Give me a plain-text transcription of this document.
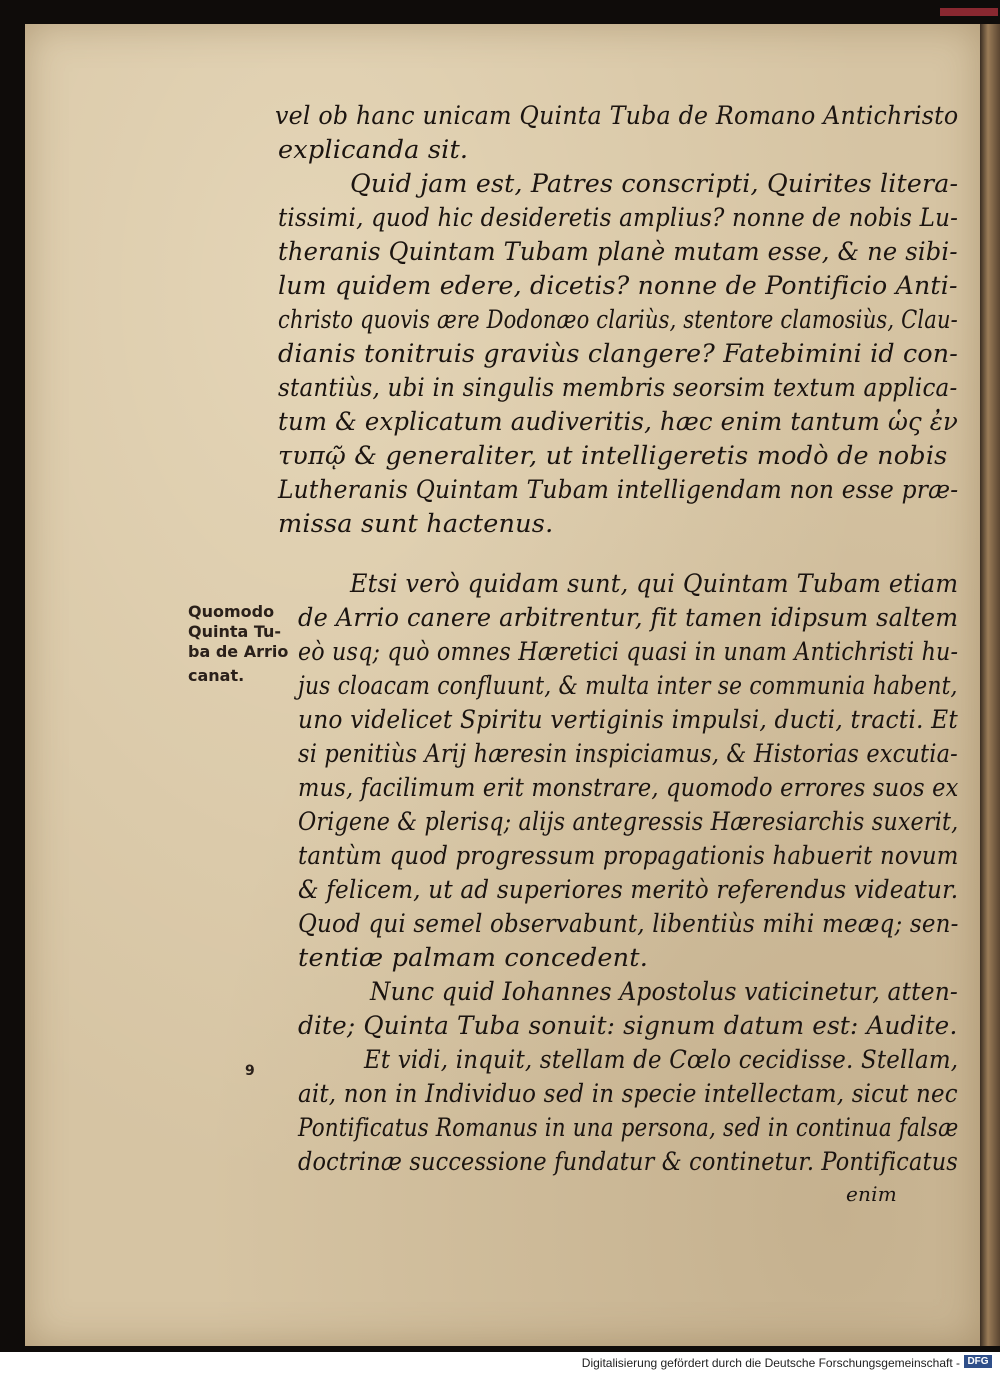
vel ob hanc unicam Quinta Tuba de Romano Antichristo
explicanda sit.
Quid jam est, Patres conscripti, Quirites litera-
tissimi, quod hic desideretis amplius? nonne de nobis Lu-
theranis Quintam Tubam planè mutam esse, & ne sibi-
lum quidem edere, dicetis? nonne de Pontificio Anti-
christo quovis ære Dodonæo clariùs, stentore clamosiùs, Clau-
dianis tonitruis graviùs clangere? Fatebimini id con-
stantiùs, ubi in singulis membris seorsim textum applica-
tum & explicatum audiveritis, hæc enim tantum ὡς ἐν
τυπῷ & generaliter, ut intelligeretis modò de nobis
Lutheranis Quintam Tubam intelligendam non esse præ-
missa sunt hactenus.
Etsi verò quidam sunt, qui Quintam Tubam etiam
de Arrio canere arbitrentur, fit tamen idipsum saltem
eò usq; quò omnes Hæretici quasi in unam Antichristi hu-
jus cloacam confluunt, & multa inter se communia habent,
uno videlicet Spiritu vertiginis impulsi, ducti, tracti. Et
si penitiùs Arij hæresin inspiciamus, & Historias excutia-
mus, facilimum erit monstrare, quomodo errores suos ex
Origene & plerisq; alijs antegressis Hæresiarchis suxerit,
tantùm quod progressum propagationis habuerit novum
& felicem, ut ad superiores meritò referendus videatur.
Quod qui semel observabunt, libentiùs mihi meæq; sen-
tentiæ palmam concedent.
Nunc quid Iohannes Apostolus vaticinetur, atten-
dite; Quinta Tuba sonuit: signum datum est: Audite.
Et vidi, inquit, stellam de Cœlo cecidisse. Stellam,
ait, non in Individuo sed in specie intellectam, sicut nec
Pontificatus Romanus in una persona, sed in continua falsæ
doctrinæ successione fundatur & continetur. Pontificatus
enim
Quomodo
Quinta Tu-
ba de Arrio
canat.
9
Digitalisierung gefördert durch die Deutsche Forschungsgemeinschaft - DFG
